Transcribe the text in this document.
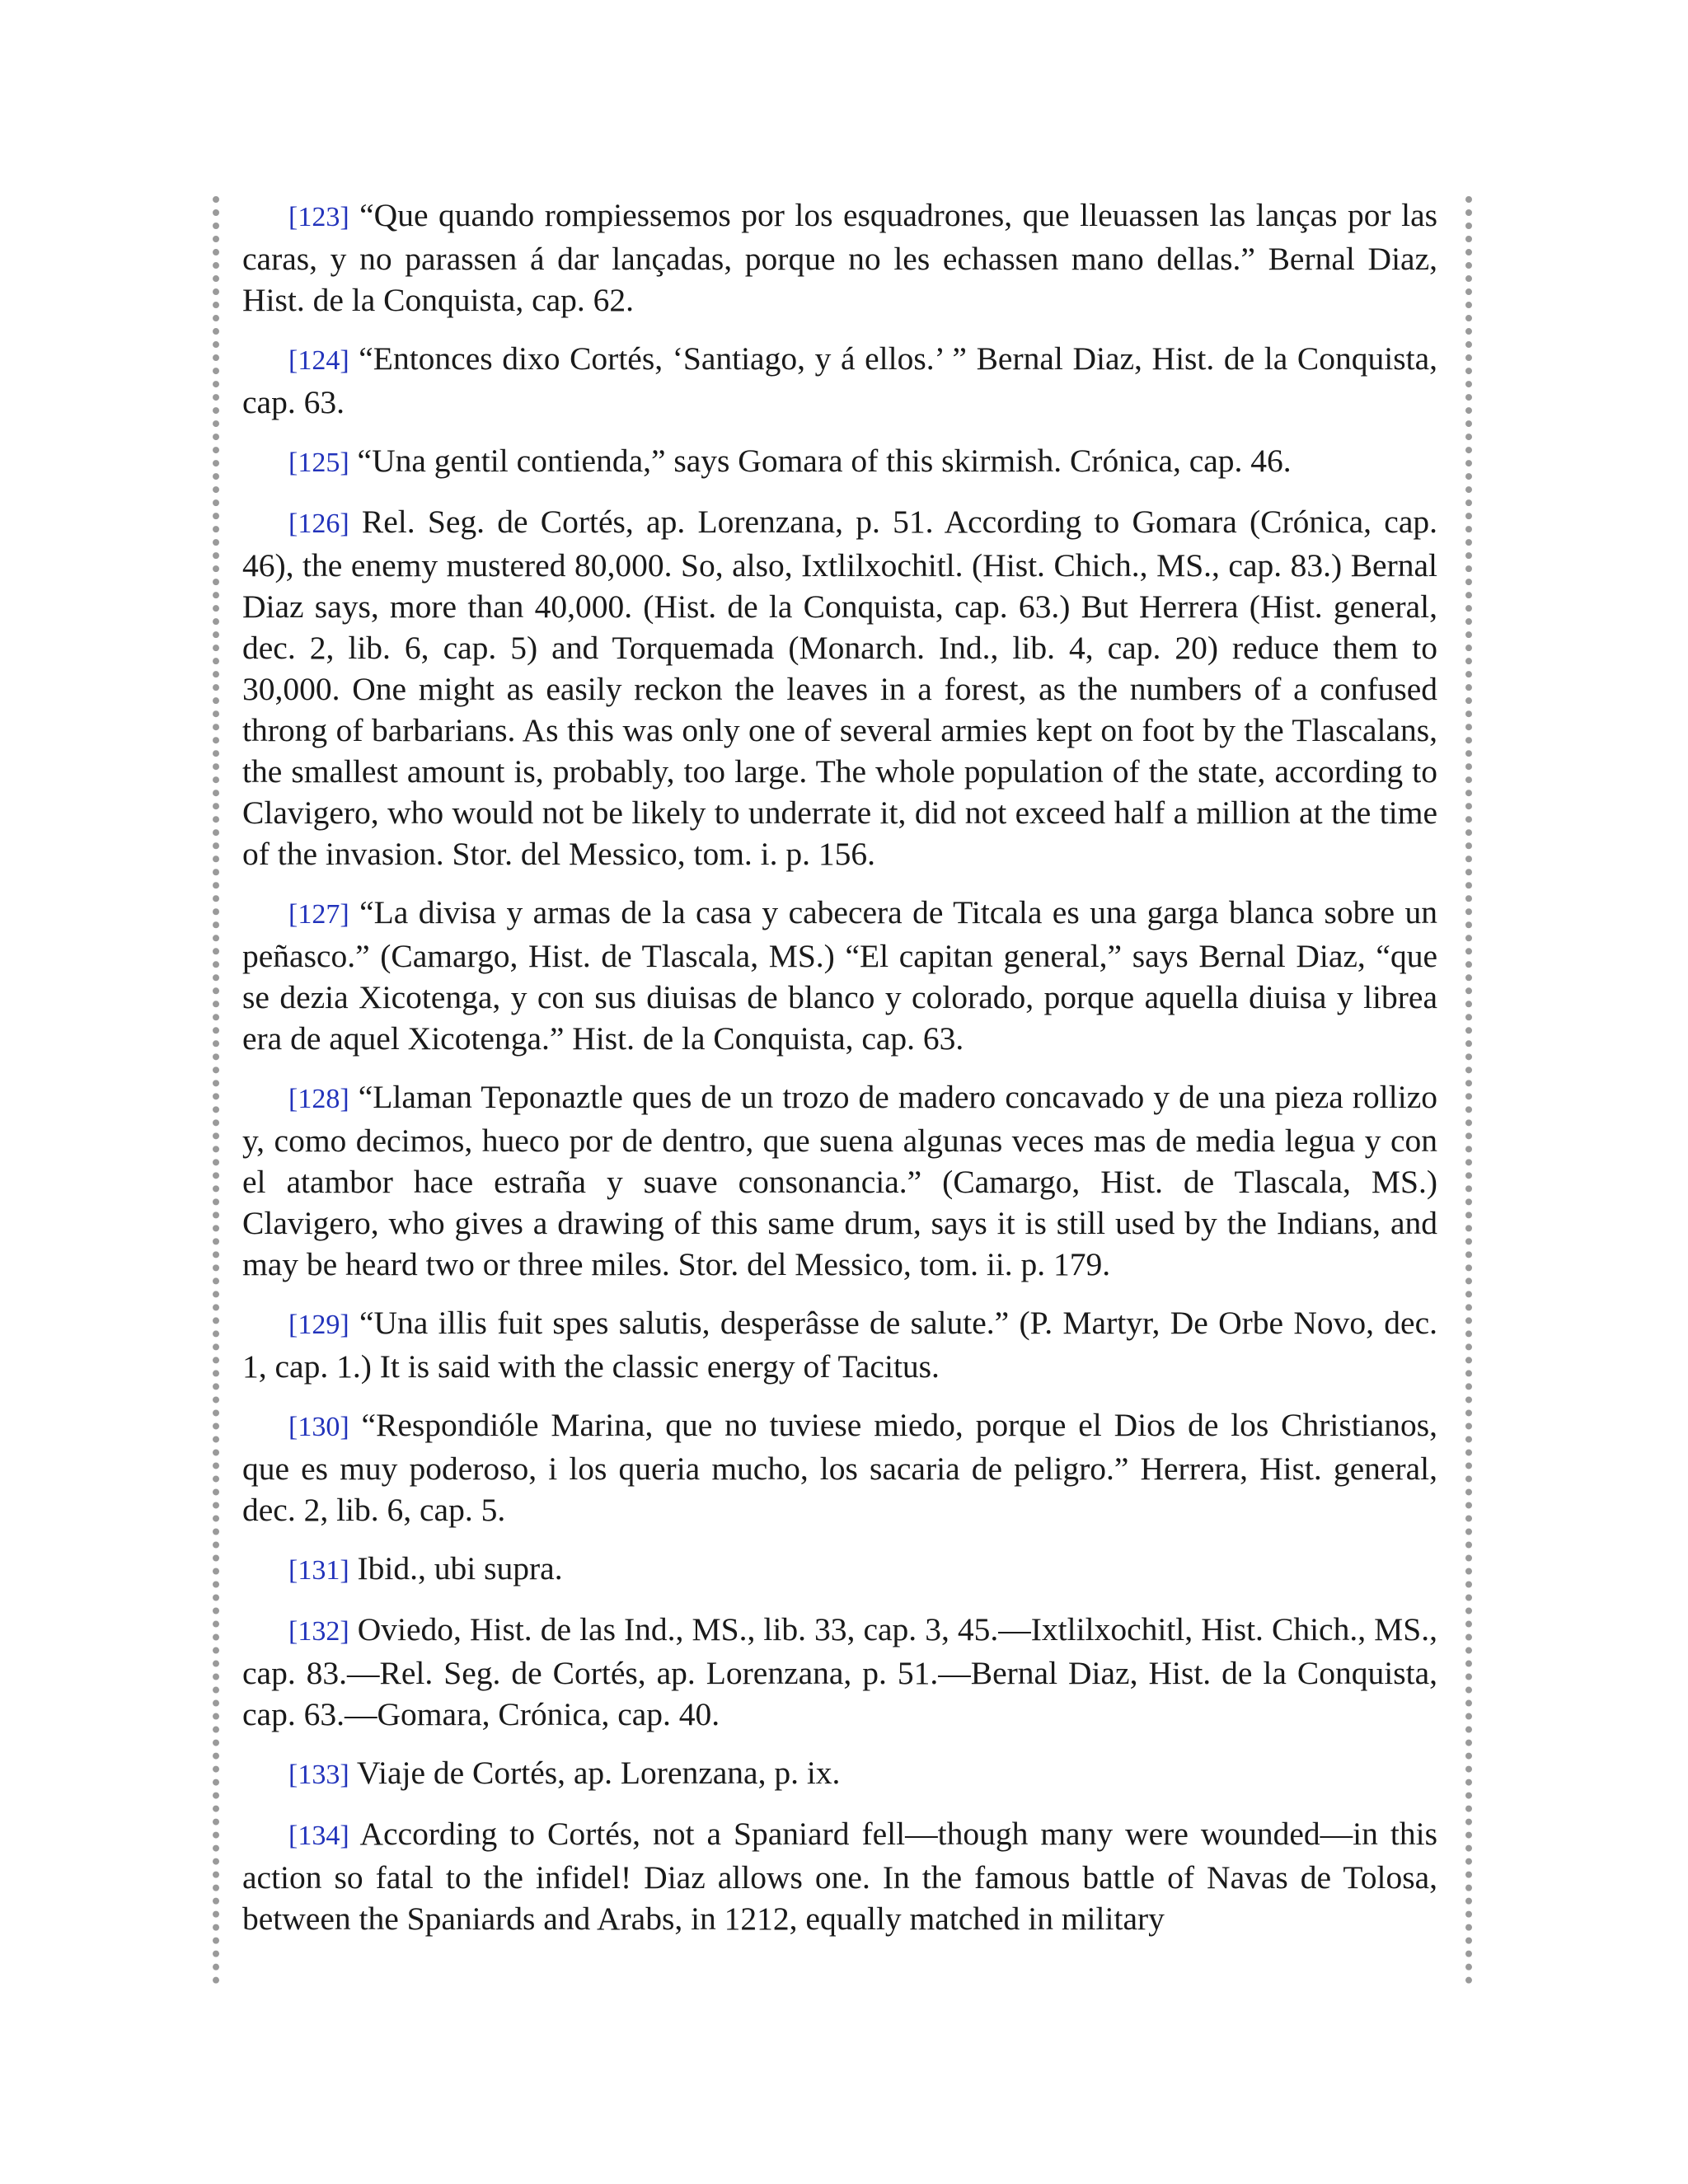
[123] “Que quando rompiessemos por los esquadrones, que lleuassen las lanças por las caras, y no parassen á dar lançadas, porque no les echassen mano dellas.” Bernal Diaz, Hist. de la Conquista, cap. 62.

[124] “Entonces dixo Cortés, ‘Santiago, y á ellos.’ ” Bernal Diaz, Hist. de la Conquista, cap. 63.

[125] “Una gentil contienda,” says Gomara of this skirmish. Crónica, cap. 46.

[126] Rel. Seg. de Cortés, ap. Lorenzana, p. 51. According to Gomara (Crónica, cap. 46), the enemy mustered 80,000. So, also, Ixtlilxochitl. (Hist. Chich., MS., cap. 83.) Bernal Diaz says, more than 40,000. (Hist. de la Conquista, cap. 63.) But Herrera (Hist. general, dec. 2, lib. 6, cap. 5) and Torquemada (Monarch. Ind., lib. 4, cap. 20) reduce them to 30,000. One might as easily reckon the leaves in a forest, as the numbers of a confused throng of barbarians. As this was only one of several armies kept on foot by the Tlascalans, the smallest amount is, probably, too large. The whole population of the state, according to Clavigero, who would not be likely to underrate it, did not exceed half a million at the time of the invasion. Stor. del Messico, tom. i. p. 156.

[127] “La divisa y armas de la casa y cabecera de Titcala es una garga blanca sobre un peñasco.” (Camargo, Hist. de Tlascala, MS.) “El capitan general,” says Bernal Diaz, “que se dezia Xicotenga, y con sus diuisas de blanco y colorado, porque aquella diuisa y librea era de aquel Xicotenga.” Hist. de la Conquista, cap. 63.

[128] “Llaman Teponaztle ques de un trozo de madero concavado y de una pieza rollizo y, como decimos, hueco por de dentro, que suena algunas veces mas de media legua y con el atambor hace estraña y suave consonancia.” (Camargo, Hist. de Tlascala, MS.) Clavigero, who gives a drawing of this same drum, says it is still used by the Indians, and may be heard two or three miles. Stor. del Messico, tom. ii. p. 179.

[129] “Una illis fuit spes salutis, desperâsse de salute.” (P. Martyr, De Orbe Novo, dec. 1, cap. 1.) It is said with the classic energy of Tacitus.

[130] “Respondióle Marina, que no tuviese miedo, porque el Dios de los Christianos, que es muy poderoso, i los queria mucho, los sacaria de peligro.” Herrera, Hist. general, dec. 2, lib. 6, cap. 5.

[131] Ibid., ubi supra.

[132] Oviedo, Hist. de las Ind., MS., lib. 33, cap. 3, 45.—Ixtlilxochitl, Hist. Chich., MS., cap. 83.—Rel. Seg. de Cortés, ap. Lorenzana, p. 51.—Bernal Diaz, Hist. de la Conquista, cap. 63.—Gomara, Crónica, cap. 40.

[133] Viaje de Cortés, ap. Lorenzana, p. ix.

[134] According to Cortés, not a Spaniard fell—though many were wounded—in this action so fatal to the infidel! Diaz allows one. In the famous battle of Navas de Tolosa, between the Spaniards and Arabs, in 1212, equally matched in military
